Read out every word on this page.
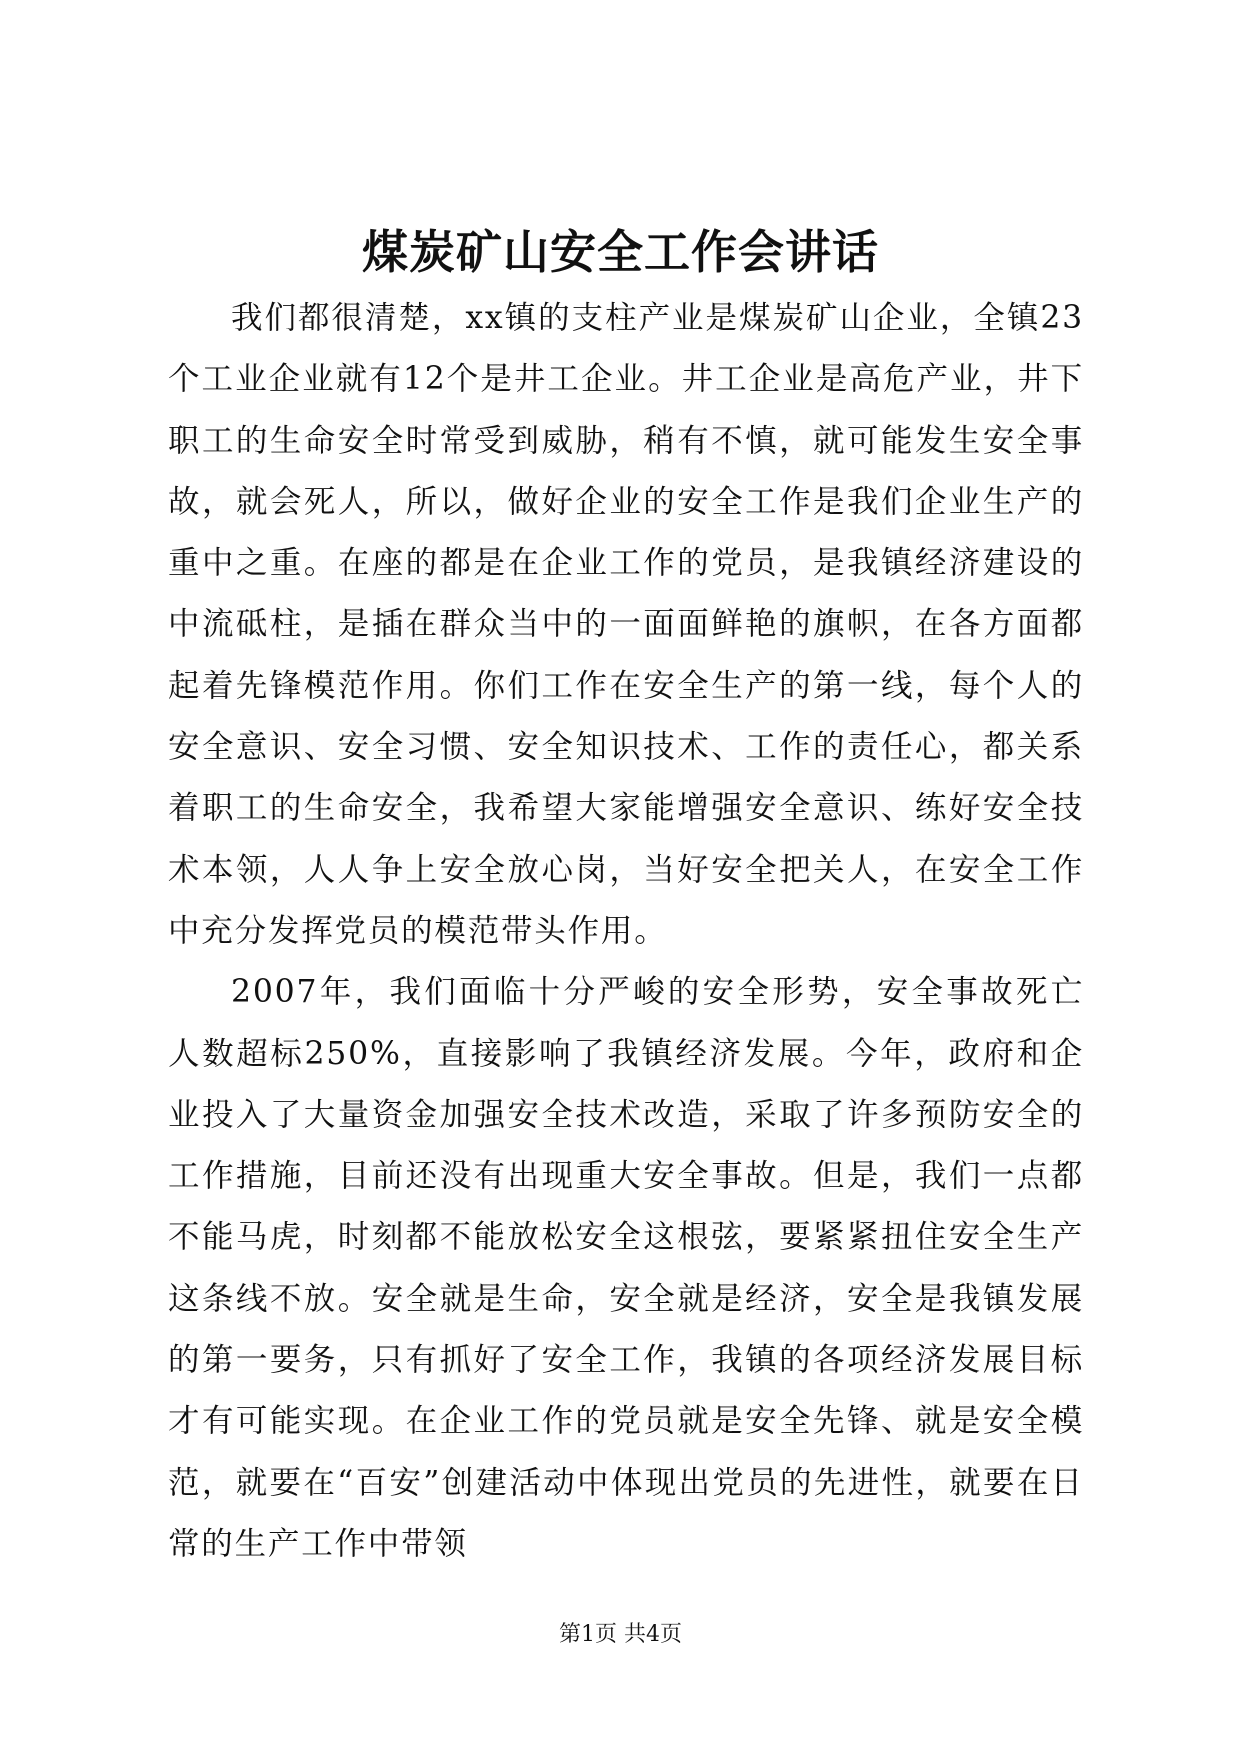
煤炭矿山安全工作会讲话

我们都很清楚，xx镇的支柱产业是煤炭矿山企业，全镇23个工业企业就有12个是井工企业。井工企业是高危产业，井下职工的生命安全时常受到威胁，稍有不慎，就可能发生安全事故，就会死人，所以，做好企业的安全工作是我们企业生产的重中之重。在座的都是在企业工作的党员，是我镇经济建设的中流砥柱，是插在群众当中的一面面鲜艳的旗帜，在各方面都起着先锋模范作用。你们工作在安全生产的第一线，每个人的安全意识、安全习惯、安全知识技术、工作的责任心，都关系着职工的生命安全，我希望大家能增强安全意识、练好安全技术本领，人人争上安全放心岗，当好安全把关人，在安全工作中充分发挥党员的模范带头作用。

2007年，我们面临十分严峻的安全形势，安全事故死亡人数超标250%，直接影响了我镇经济发展。今年，政府和企业投入了大量资金加强安全技术改造，采取了许多预防安全的工作措施，目前还没有出现重大安全事故。但是，我们一点都不能马虎，时刻都不能放松安全这根弦，要紧紧扭住安全生产这条线不放。安全就是生命，安全就是经济，安全是我镇发展的第一要务，只有抓好了安全工作，我镇的各项经济发展目标才有可能实现。在企业工作的党员就是安全先锋、就是安全模范，就要在“百安”创建活动中体现出党员的先进性，就要在日常的生产工作中带领

第1页 共4页
